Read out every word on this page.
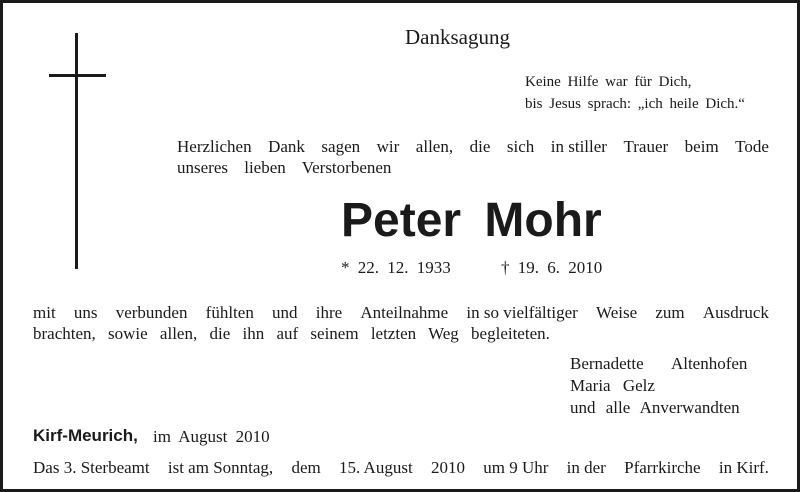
Danksagung
Keine Hilfe war für Dich,
bis Jesus sprach: „ich heile Dich.“
Herzlichen Dank sagen wir allen, die sich in stiller Trauer beim Tode
unseres lieben Verstorbenen
Peter Mohr
* 22. 12. 1933	† 19. 6. 2010
mit uns verbunden fühlten und ihre Anteilnahme in so vielfältiger Weise zum Ausdruck
brachten, sowie allen, die ihn auf seinem letzten Weg begleiteten.
Bernadette Altenhofen
Maria Gelz
und alle Anverwandten
Kirf-Meurich, im August 2010
Das 3. Sterbeamt ist am Sonntag, dem 15. August 2010 um 9 Uhr in der Pfarrkirche in Kirf.
